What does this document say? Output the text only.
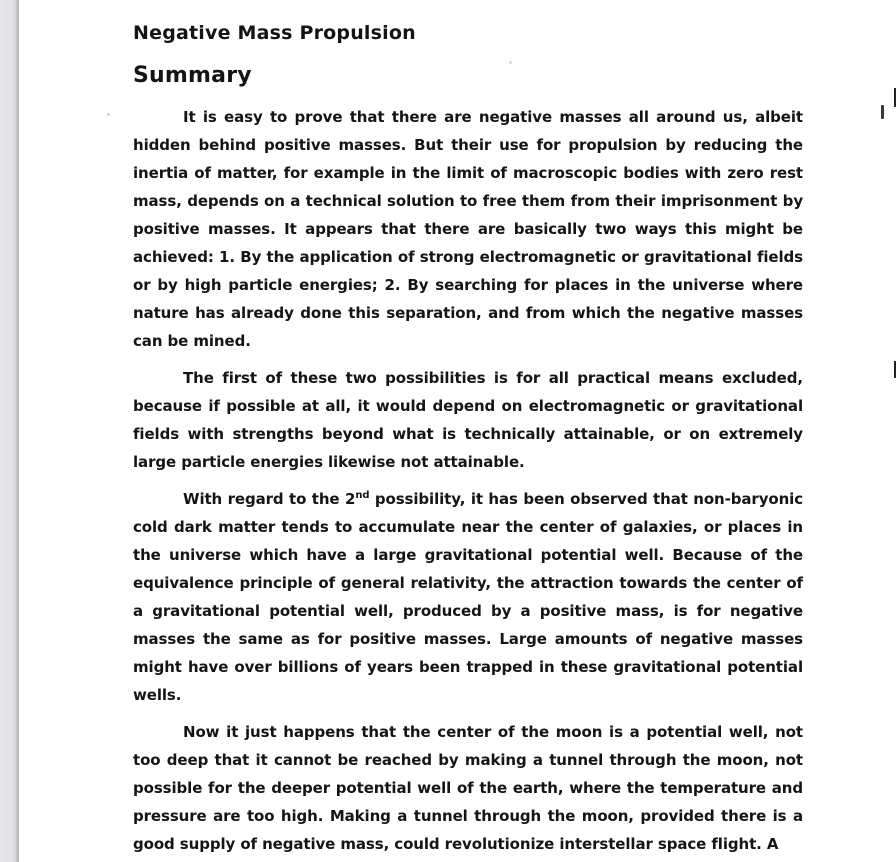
Negative Mass Propulsion
Summary

It is easy to prove that there are negative masses all around us, albeit hidden behind positive masses. But their use for propulsion by reducing the inertia of matter, for example in the limit of macroscopic bodies with zero rest mass, depends on a technical solution to free them from their imprisonment by positive masses. It appears that there are basically two ways this might be achieved: 1. By the application of strong electromagnetic or gravitational fields or by high particle energies; 2. By searching for places in the universe where nature has already done this separation, and from which the negative masses can be mined.

The first of these two possibilities is for all practical means excluded, because if possible at all, it would depend on electromagnetic or gravitational fields with strengths beyond what is technically attainable, or on extremely large particle energies likewise not attainable.

With regard to the 2nd possibility, it has been observed that non-baryonic cold dark matter tends to accumulate near the center of galaxies, or places in the universe which have a large gravitational potential well. Because of the equivalence principle of general relativity, the attraction towards the center of a gravitational potential well, produced by a positive mass, is for negative masses the same as for positive masses. Large amounts of negative masses might have over billions of years been trapped in these gravitational potential wells.

Now it just happens that the center of the moon is a potential well, not too deep that it cannot be reached by making a tunnel through the moon, not possible for the deeper potential well of the earth, where the temperature and pressure are too high. Making a tunnel through the moon, provided there is a good supply of negative mass, could revolutionize interstellar space flight. A
